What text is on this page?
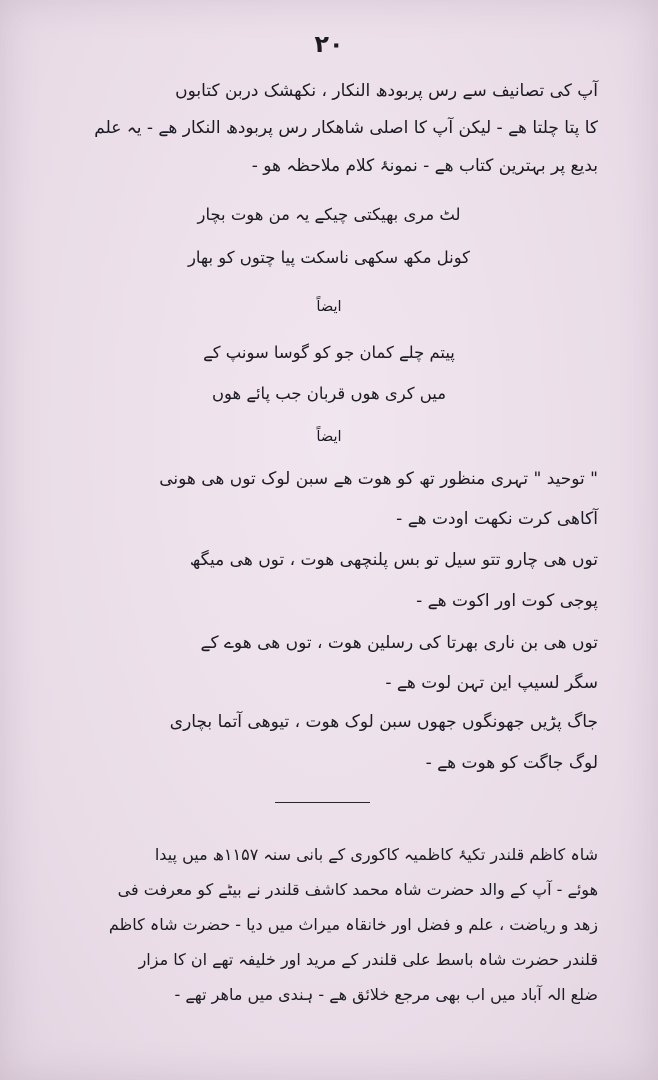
۲۰
آپ کی تصانیف سے رس پربودھ النکار ، نکھشک دربن کتابوں
کا پتا چلتا ھے - لیکن آپ کا اصلی شاھکار رس پربودھ النکار ھے - یہ علم
بدیع پر بہترین کتاب ھے - نمونۂ کلام ملاحظہ ھو -
لٹ مری بھیکتی چیکے یہ من ھوت بچار
کونل مکھ سکھی ناسکت پیا چتوں کو بھار
ایضاً
پیتم چلے کمان جو کو گوسا سونپ کے
میں کری ھوں قربان جب پائے ھوں
ایضاً
" توحید " تہری منظور تھ کو ھوت ھے سبن لوک توں ھی ھونی
آکاھی کرت نکھت اودت ھے -
توں ھی چارو تتو سیل تو بس پلنچھی ھوت ، توں ھی میگھ
پوجی کوت اور اکوت ھے -
توں ھی بن ناری بھرتا کی رسلین ھوت ، توں ھی ھوے کے
سگر لسیپ این تہن لوت ھے -
جاگ پڑیں جھونگوں جھوں سبن لوک ھوت ، تیوھی آتما بچاری
لوگ جاگت کو ھوت ھے -
شاہ کاظم قلندر تکیۂ کاظمیہ کاکوری کے بانی سنہ ۱۱۵۷ھ میں پیدا
ھوئے - آپ کے والد حضرت شاہ محمد کاشف قلندر نے بیٹے کو معرفت فی
زھد و ریاضت ، علم و فضل اور خانقاہ میراث میں دیا - حضرت شاہ کاظم
قلندر حضرت شاہ باسط علی قلندر کے مرید اور خلیفہ تھے ان کا مزار
ضلع الہ آباد میں اب بھی مرجع خلائق ھے - ہندی میں ماھر تھے -
